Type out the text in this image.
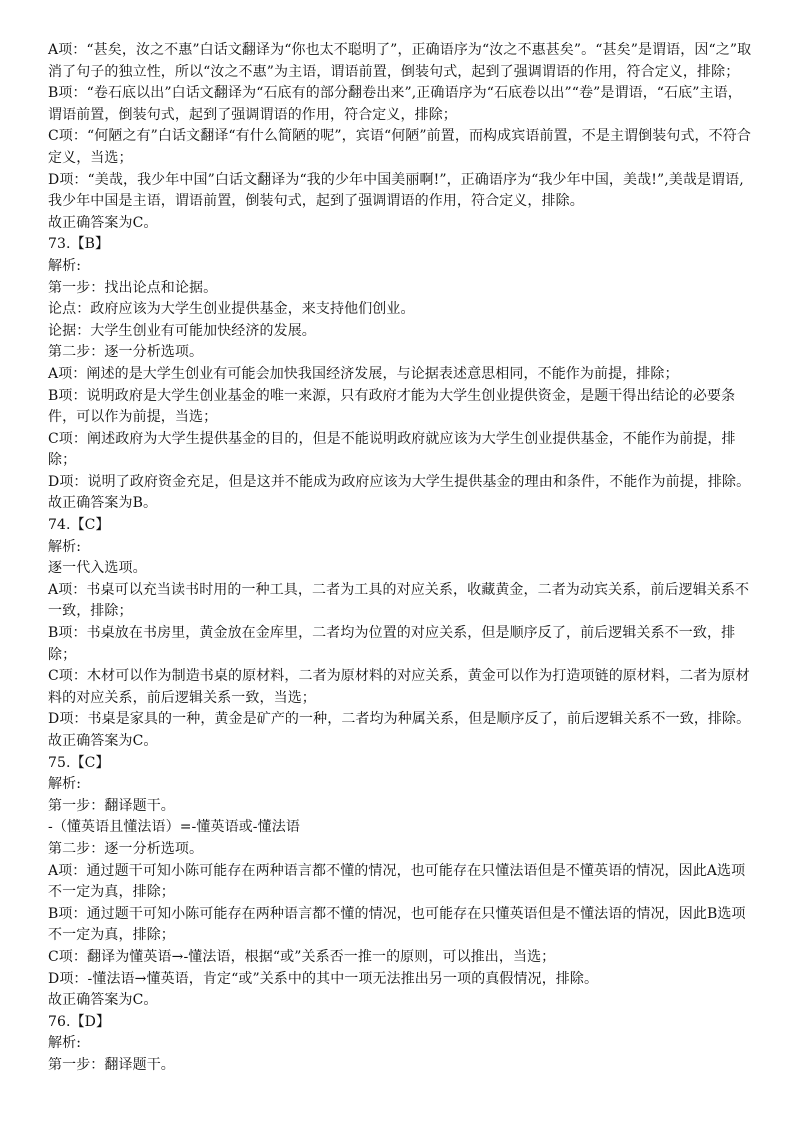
A项：“甚矣，汝之不惠”白话文翻译为“你也太不聪明了”，正确语序为“汝之不惠甚矣”。“甚矣”是谓语，因“之”取消了句子的独立性，所以“汝之不惠”为主语，谓语前置，倒装句式，起到了强调谓语的作用，符合定义，排除；
B项：“卷石底以出”白话文翻译为“石底有的部分翻卷出来”,正确语序为“石底卷以出”“卷”是谓语，“石底”主语，谓语前置，倒装句式，起到了强调谓语的作用，符合定义，排除；
C项：“何陋之有”白话文翻译“有什么简陋的呢”，宾语“何陋”前置，而构成宾语前置，不是主谓倒装句式，不符合定义，当选；
D项：“美哉，我少年中国”白话文翻译为“我的少年中国美丽啊!”，正确语序为“我少年中国，美哉!”,美哉是谓语,我少年中国是主语，谓语前置，倒装句式，起到了强调谓语的作用，符合定义，排除。
故正确答案为C。
73.【B】
解析:
第一步：找出论点和论据。
论点：政府应该为大学生创业提供基金，来支持他们创业。
论据：大学生创业有可能加快经济的发展。
第二步：逐一分析选项。
A项：阐述的是大学生创业有可能会加快我国经济发展，与论据表述意思相同，不能作为前提，排除；
B项：说明政府是大学生创业基金的唯一来源，只有政府才能为大学生创业提供资金，是题干得出结论的必要条件，可以作为前提，当选；
C项：阐述政府为大学生提供基金的目的，但是不能说明政府就应该为大学生创业提供基金，不能作为前提，排除；
D项：说明了政府资金充足，但是这并不能成为政府应该为大学生提供基金的理由和条件，不能作为前提，排除。
故正确答案为B。
74.【C】
解析:
逐一代入选项。
A项：书桌可以充当读书时用的一种工具，二者为工具的对应关系，收藏黄金，二者为动宾关系，前后逻辑关系不一致，排除；
B项：书桌放在书房里，黄金放在金库里，二者均为位置的对应关系，但是顺序反了，前后逻辑关系不一致，排除；
C项：木材可以作为制造书桌的原材料，二者为原材料的对应关系，黄金可以作为打造项链的原材料，二者为原材料的对应关系，前后逻辑关系一致，当选；
D项：书桌是家具的一种，黄金是矿产的一种，二者均为种属关系，但是顺序反了，前后逻辑关系不一致，排除。
故正确答案为C。
75.【C】
解析:
第一步：翻译题干。
-（懂英语且懂法语）=-懂英语或-懂法语
第二步：逐一分析选项。
A项：通过题干可知小陈可能存在两种语言都不懂的情况，也可能存在只懂法语但是不懂英语的情况，因此A选项不一定为真，排除；
B项：通过题干可知小陈可能存在两种语言都不懂的情况，也可能存在只懂英语但是不懂法语的情况，因此B选项不一定为真，排除；
C项：翻译为懂英语→-懂法语，根据“或”关系否一推一的原则，可以推出，当选；
D项：-懂法语→懂英语，肯定“或”关系中的其中一项无法推出另一项的真假情况，排除。
故正确答案为C。
76.【D】
解析:
第一步：翻译题干。
